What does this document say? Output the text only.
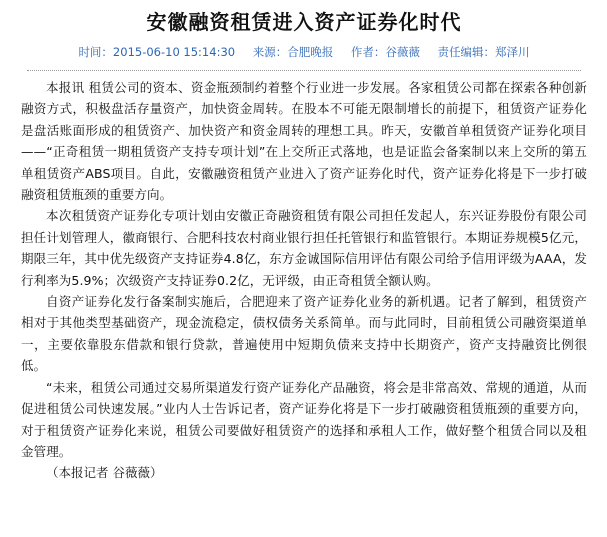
安徽融资租赁进入资产证券化时代
时间：2015-06-10 15:14:30 来源：合肥晚报 作者：谷薇薇 责任编辑：郑泽川

本报讯 租赁公司的资本、资金瓶颈制约着整个行业进一步发展。各家租赁公司都在探索各种创新融资方式，积极盘活存量资产，加快资金周转。在股本不可能无限制增长的前提下，租赁资产证券化是盘活账面形成的租赁资产、加快资产和资金周转的理想工具。昨天，安徽首单租赁资产证券化项目——“正奇租赁一期租赁资产支持专项计划”在上交所正式落地，也是证监会备案制以来上交所的第五单租赁资产ABS项目。自此，安徽融资租赁产业进入了资产证券化时代，资产证券化将是下一步打破融资租赁瓶颈的重要方向。

本次租赁资产证券化专项计划由安徽正奇融资租赁有限公司担任发起人，东兴证券股份有限公司担任计划管理人，徽商银行、合肥科技农村商业银行担任托管银行和监管银行。本期证券规模5亿元，期限三年，其中优先级资产支持证券4.8亿，东方金诚国际信用评估有限公司给予信用评级为AAA，发行利率为5.9%；次级资产支持证券0.2亿，无评级，由正奇租赁全额认购。

自资产证券化发行备案制实施后，合肥迎来了资产证券化业务的新机遇。记者了解到，租赁资产相对于其他类型基础资产，现金流稳定，债权债务关系简单。而与此同时，目前租赁公司融资渠道单一，主要依靠股东借款和银行贷款，普遍使用中短期负债来支持中长期资产，资产支持融资比例很低。

“未来，租赁公司通过交易所渠道发行资产证券化产品融资，将会是非常高效、常规的通道，从而促进租赁公司快速发展。”业内人士告诉记者，资产证券化将是下一步打破融资租赁瓶颈的重要方向，对于租赁资产证券化来说，租赁公司要做好租赁资产的选择和承租人工作，做好整个租赁合同以及租金管理。

（本报记者 谷薇薇）
